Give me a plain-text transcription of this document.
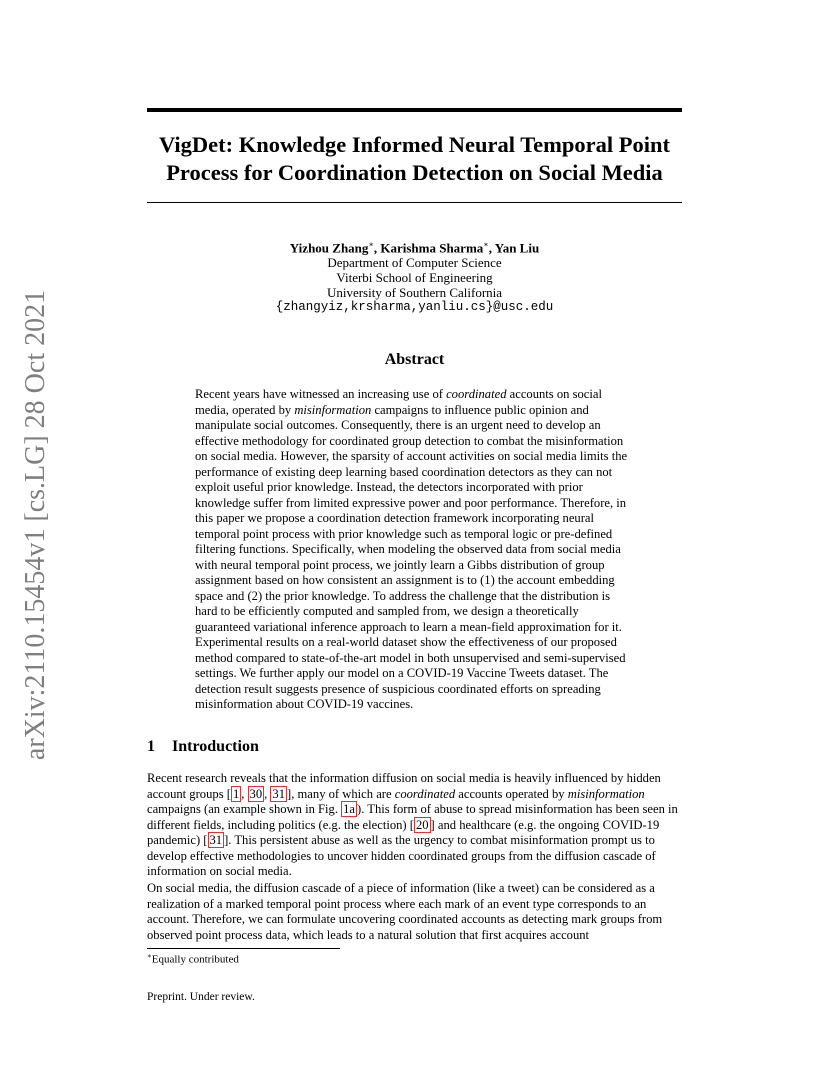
arXiv:2110.15454v1 [cs.LG] 28 Oct 2021
VigDet: Knowledge Informed Neural Temporal Point
Process for Coordination Detection on Social Media
Yizhou Zhang∗, Karishma Sharma∗, Yan Liu
Department of Computer Science
Viterbi School of Engineering
University of Southern California
{zhangyiz,krsharma,yanliu.cs}@usc.edu
Abstract

Recent years have witnessed an increasing use of coordinated accounts on social media, operated by misinformation campaigns to influence public opinion and manipulate social outcomes. Consequently, there is an urgent need to develop an effective methodology for coordinated group detection to combat the misinformation on social media. However, the sparsity of account activities on social media limits the performance of existing deep learning based coordination detectors as they can not exploit useful prior knowledge. Instead, the detectors incorporated with prior knowledge suffer from limited expressive power and poor performance. Therefore, in this paper we propose a coordination detection framework incorporating neural temporal point process with prior knowledge such as temporal logic or pre-defined filtering functions. Specifically, when modeling the observed data from social media with neural temporal point process, we jointly learn a Gibbs distribution of group assignment based on how consistent an assignment is to (1) the account embedding space and (2) the prior knowledge. To address the challenge that the distribution is hard to be efficiently computed and sampled from, we design a theoretically guaranteed variational inference approach to learn a mean-field approximation for it. Experimental results on a real-world dataset show the effectiveness of our proposed method compared to state-of-the-art model in both unsupervised and semi-supervised settings. We further apply our model on a COVID-19 Vaccine Tweets dataset. The detection result suggests presence of suspicious coordinated efforts on spreading misinformation about COVID-19 vaccines.

1 Introduction

Recent research reveals that the information diffusion on social media is heavily influenced by hidden account groups [ 1 , 30 , 31 ], many of which are coordinated accounts operated by misinformation campaigns (an example shown in Fig. 1a ). This form of abuse to spread misinformation has been seen in different fields, including politics (e.g. the election) [ 20 ] and healthcare (e.g. the ongoing COVID-19 pandemic) [ 31 ]. This persistent abuse as well as the urgency to combat misinformation prompt us to develop effective methodologies to uncover hidden coordinated groups from the diffusion cascade of information on social media.

On social media, the diffusion cascade of a piece of information (like a tweet) can be considered as a realization of a marked temporal point process where each mark of an event type corresponds to an account. Therefore, we can formulate uncovering coordinated accounts as detecting mark groups from observed point process data, which leads to a natural solution that first acquires account

∗Equally contributed
Preprint. Under review.
